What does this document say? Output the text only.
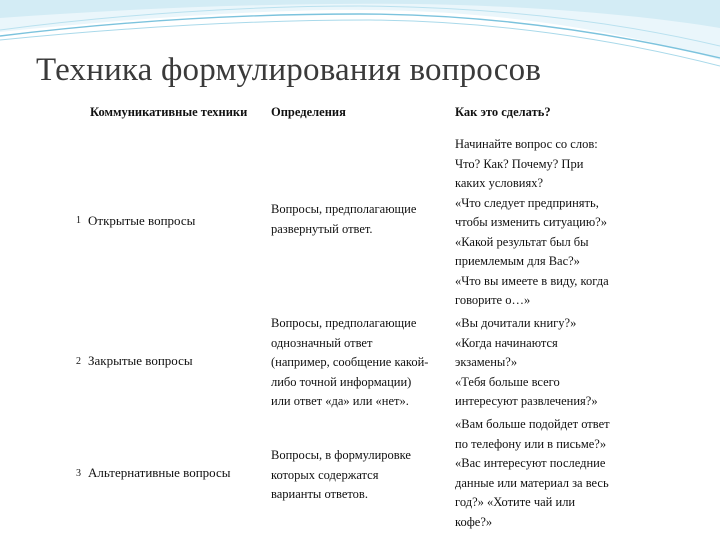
Техника формулирования вопросов
Коммуникативные техники Определения	Как это сделать?
1 Открытые вопросы
Вопросы, предполагающие
развернутый ответ.
Начинайте вопрос со слов:
Что? Как? Почему? При
каких условиях?
«Что следует предпринять,
чтобы изменить ситуацию?»
«Какой результат был бы
приемлемым для Вас?»
«Что вы имеете в виду, когда
говорите о…»
2 Закрытые вопросы
Вопросы, предполагающие
однозначный ответ
(например, сообщение какой-
либо точной информации)
или ответ «да» или «нет».
«Вы дочитали книгу?»
«Когда начинаются
экзамены?»
«Тебя больше всего
интересуют развлечения?»
3 Альтернативные вопросы
Вопросы, в формулировке
которых содержатся
варианты ответов.
«Вам больше подойдет ответ
по телефону или в письме?»
«Вас интересуют последние
данные или материал за весь
год?» «Хотите чай или
кофе?»
